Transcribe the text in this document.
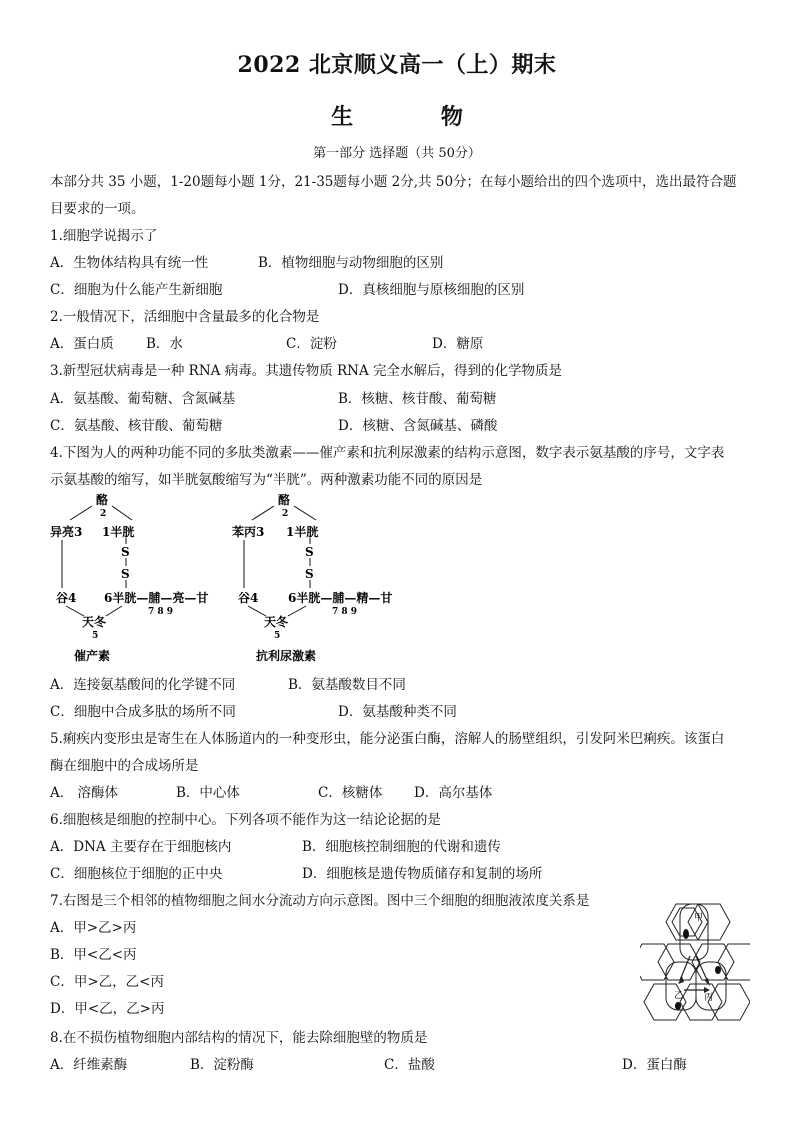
2022 北京顺义高一（上）期末
生 物
第一部分 选择题（共 50分）
本部分共 35 小题，1-20题每小题 1分，21-35题每小题 2分,共 50分；在每小题给出的四个选项中，选出最符合题
目要求的一项。
1.细胞学说揭示了
A．生物体结构具有统一性	B．植物细胞与动物细胞的区别
C．细胞为什么能产生新细胞	D．真核细胞与原核细胞的区别
2.一般情况下，活细胞中含量最多的化合物是
A．蛋白质 B．水	C．淀粉	D．糖原
3.新型冠状病毒是一种 RNA 病毒。其遗传物质 RNA 完全水解后，得到的化学物质是
A．氨基酸、葡萄糖、含氮碱基	B．核糖、核苷酸、葡萄糖
C．氨基酸、核苷酸、葡萄糖	D．核糖、含氮碱基、磷酸
4.下图为人的两种功能不同的多肽类激素——催产素和抗利尿激素的结构示意图，数字表示氨基酸的序号，文字表
示氨基酸的缩写，如半胱氨酸缩写为“半胱”。两种激素功能不同的原因是
酪
2
异亮3 1半胱
S
S
谷4 6半胱—脯—亮—甘
7 8 9
天冬
5
催产素
酪
2
苯丙3 1半胱
S
S
谷4 6半胱—脯—精—甘
7 8 9
天冬
5
抗利尿激素
A．连接氨基酸间的化学键不同	B．氨基酸数目不同
C．细胞中合成多肽的场所不同	D．氨基酸种类不同
5.痢疾内变形虫是寄生在人体肠道内的一种变形虫，能分泌蛋白酶，溶解人的肠壁组织，引发阿米巴痢疾。该蛋白
酶在细胞中的合成场所是
A． 溶酶体	B．中心体	C．核糖体 D．高尔基体
6.细胞核是细胞的控制中心。下列各项不能作为这一结论论据的是
A．DNA 主要存在于细胞核内	B．细胞核控制细胞的代谢和遗传
C．细胞核位于细胞的正中央	D．细胞核是遗传物质储存和复制的场所
7.右图是三个相邻的植物细胞之间水分流动方向示意图。图中三个细胞的细胞液浓度关系是
A．甲>乙>丙
B．甲<乙<丙
C．甲>乙，乙<丙
D．甲<乙，乙>丙
甲
乙 丙
8.在不损伤植物细胞内部结构的情况下，能去除细胞壁的物质是
A．纤维素酶	B．淀粉酶	C．盐酸	D．蛋白酶
